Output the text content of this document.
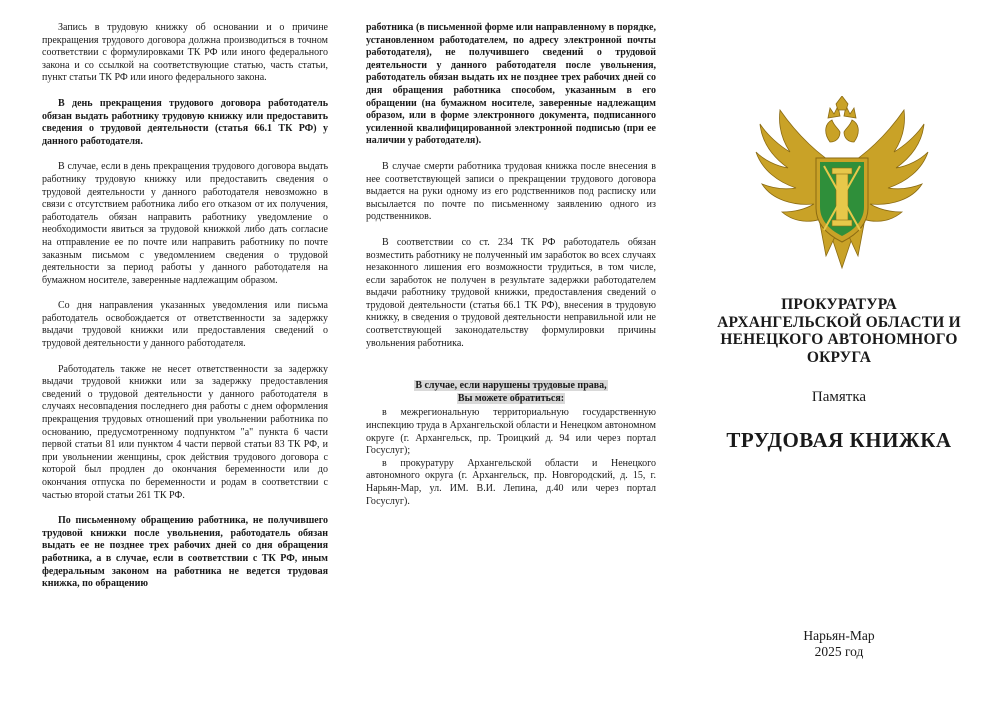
Запись в трудовую книжку об основании и о причине прекращения трудового договора должна производиться в точном соответствии с формулировками ТК РФ или иного федерального закона и со ссылкой на соответствующие статью, часть статьи, пункт статьи ТК РФ или иного федерального закона.

В день прекращения трудового договора работодатель обязан выдать работнику трудовую книжку или предоставить сведения о трудовой деятельности (статья 66.1 ТК РФ) у данного работодателя.

В случае, если в день прекращения трудового договора выдать работнику трудовую книжку или предоставить сведения о трудовой деятельности у данного работодателя невозможно в связи с отсутствием работника либо его отказом от их получения, работодатель обязан направить работнику уведомление о необходимости явиться за трудовой книжкой либо дать согласие на отправление ее по почте или направить работнику по почте заказным письмом с уведомлением сведения о трудовой деятельности за период работы у данного работодателя на бумажном носителе, заверенные надлежащим образом.

Со дня направления указанных уведомления или письма работодатель освобождается от ответственности за задержку выдачи трудовой книжки или предоставления сведений о трудовой деятельности у данного работодателя.

Работодатель также не несет ответственности за задержку выдачи трудовой книжки или за задержку предоставления сведений о трудовой деятельности у данного работодателя в случаях несовпадения последнего дня работы с днем оформления прекращения трудовых отношений при увольнении работника по основанию, предусмотренному подпунктом "а" пункта 6 части первой статьи 81 или пунктом 4 части первой статьи 83 ТК РФ, и при увольнении женщины, срок действия трудового договора с которой был продлен до окончания беременности или до окончания отпуска по беременности и родам в соответствии с частью второй статьи 261 ТК РФ.

По письменному обращению работника, не получившего трудовой книжки после увольнения, работодатель обязан выдать ее не позднее трех рабочих дней со дня обращения работника, а в случае, если в соответствии с ТК РФ, иным федеральным законом на работника не ведется трудовая книжка, по обращению

работника (в письменной форме или направленному в порядке, установленном работодателем, по адресу электронной почты работодателя), не получившего сведений о трудовой деятельности у данного работодателя после увольнения, работодатель обязан выдать их не позднее трех рабочих дней со дня обращения работника способом, указанным в его обращении (на бумажном носителе, заверенные надлежащим образом, или в форме электронного документа, подписанного усиленной квалифицированной электронной подписью (при ее наличии у работодателя).

В случае смерти работника трудовая книжка после внесения в нее соответствующей записи о прекращении трудового договора выдается на руки одному из его родственников под расписку или высылается по почте по письменному заявлению одного из родственников.

В соответствии со ст. 234 ТК РФ работодатель обязан возместить работнику не полученный им заработок во всех случаях незаконного лишения его возможности трудиться, в том числе, если заработок не получен в результате задержки работодателем выдачи работнику трудовой книжки, предоставления сведений о трудовой деятельности (статья 66.1 ТК РФ), внесения в трудовую книжку, в сведения о трудовой деятельности неправильной или не соответствующей законодательству формулировки причины увольнения работника.

В случае, если нарушены трудовые права,
Вы можете обратиться:

в межрегиональную территориальную государственную инспекцию труда в Архангельской области и Ненецком автономном округе (г. Архангельск, пр. Троицкий д. 94 или через портал Госуслуг);

в прокуратуру Архангельской области и Ненецкого автономного округа (г. Архангельск, пр. Новгородский, д. 15, г. Нарьян-Мар, ул. ИМ. В.И. Лепина, д.40 или через портал Госуслуг).

ПРОКУРАТУРА
АРХАНГЕЛЬСКОЙ ОБЛАСТИ И
НЕНЕЦКОГО АВТОНОМНОГО
ОКРУГА
Памятка
ТРУДОВАЯ КНИЖКА
Нарьян-Мар
2025 год
